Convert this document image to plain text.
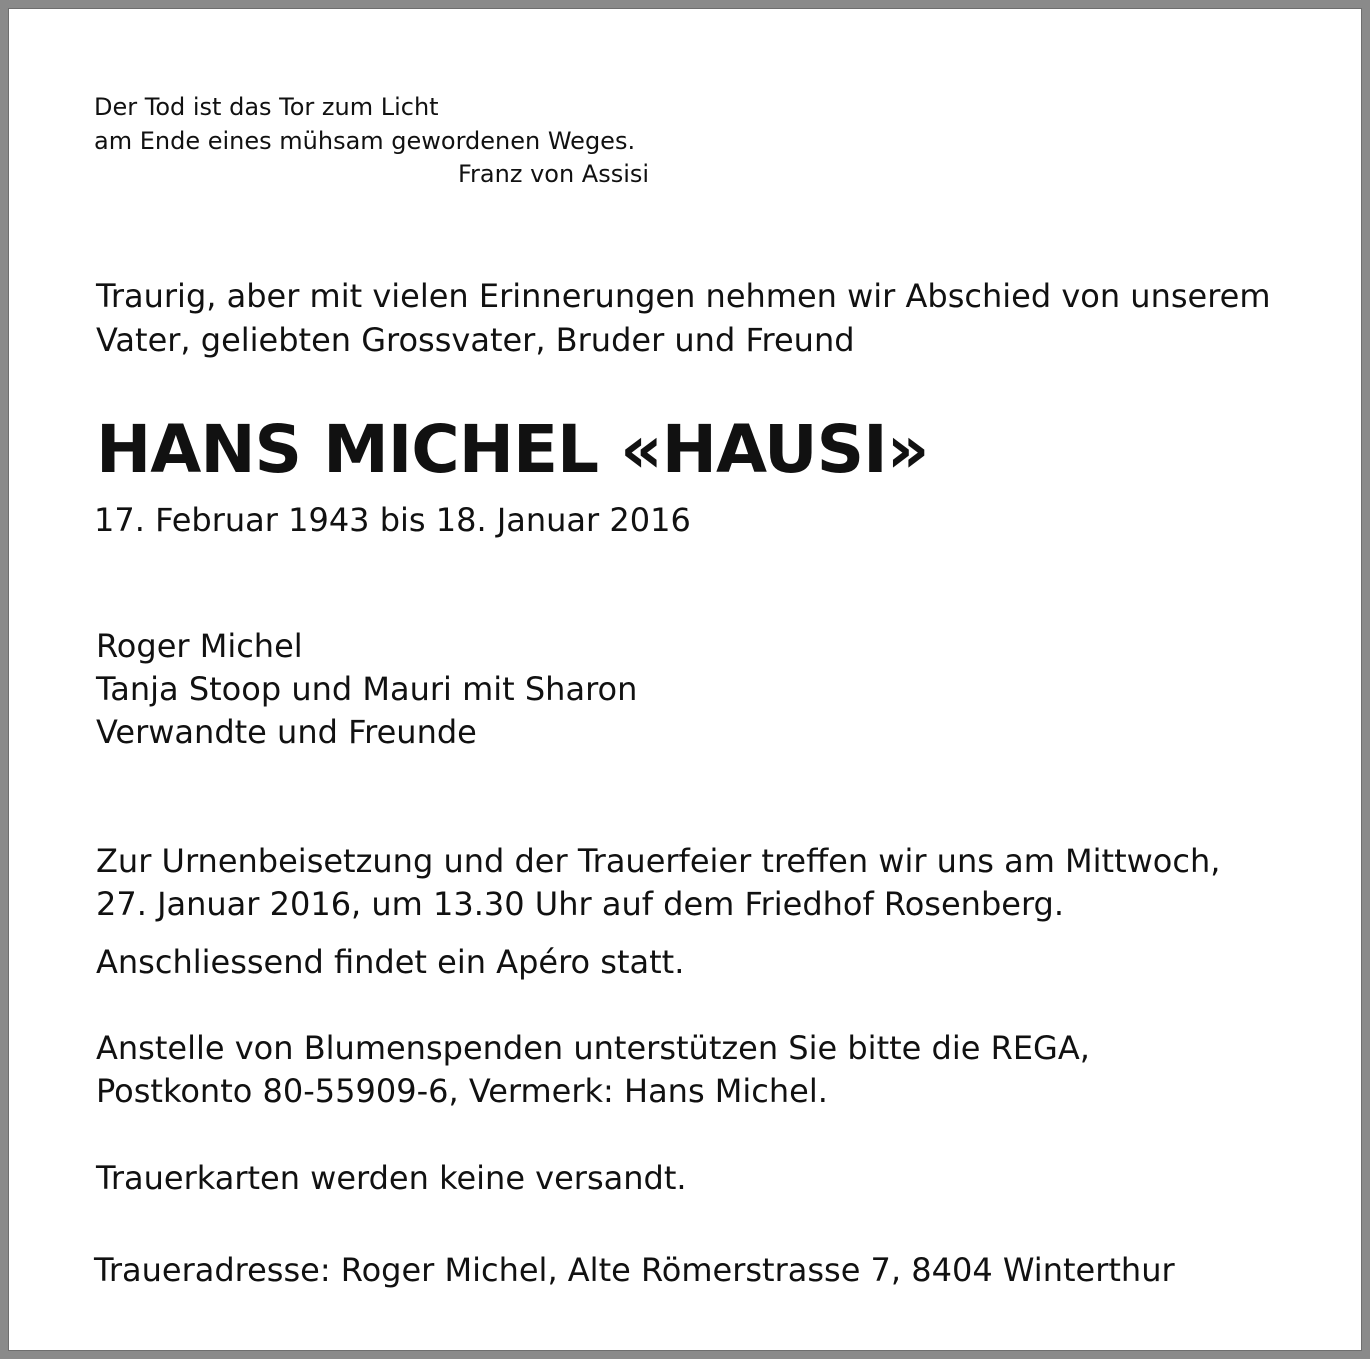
Der Tod ist das Tor zum Licht
am Ende eines mühsam gewordenen Weges.
Franz von Assisi
Traurig, aber mit vielen Erinnerungen nehmen wir Abschied von unserem
Vater, geliebten Grossvater, Bruder und Freund
HANS MICHEL «HAUSI»
17. Februar 1943 bis 18. Januar 2016
Roger Michel
Tanja Stoop und Mauri mit Sharon
Verwandte und Freunde
Zur Urnenbeisetzung und der Trauerfeier treffen wir uns am Mittwoch,
27. Januar 2016, um 13.30 Uhr auf dem Friedhof Rosenberg.
Anschliessend findet ein Apéro statt.
Anstelle von Blumenspenden unterstützen Sie bitte die REGA,
Postkonto 80-55909-6, Vermerk: Hans Michel.
Trauerkarten werden keine versandt.
Traueradresse: Roger Michel, Alte Römerstrasse 7, 8404 Winterthur
